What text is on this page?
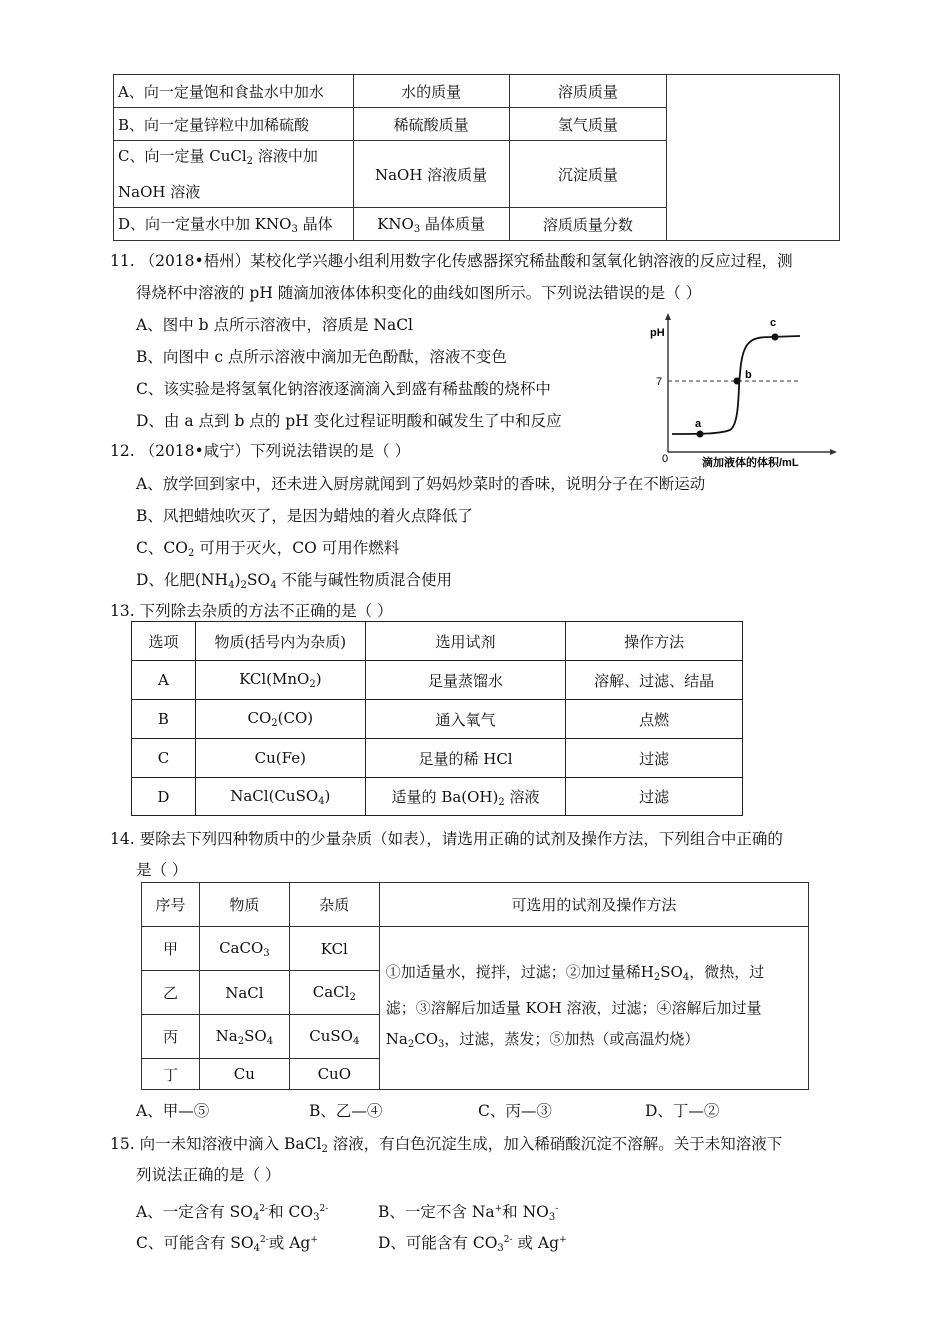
A、向一定量饱和食盐水中加水	水的质量	溶质质量	
B、向一定量锌粒中加稀硫酸	稀硫酸质量	氢气质量	
C、向一定量 CuCl$_2$ 溶液中加
NaOH 溶液	NaOH 溶液质量	沉淀质量	
D、向一定量水中加 $KNO_3$ 晶体	$KNO_3$ 晶体质量	溶质质量分数	
11. （2018•梧州）某校化学兴趣小组利用数字化传感器探究稀盐酸和氢氧化钠溶液的反应过程，测
得烧杯中溶液的 pH 随滴加液体体积变化的曲线如图所示。下列说法错误的是（ ）
A、图中 b 点所示溶液中，溶质是 NaCl
B、向图中 c 点所示溶液中滴加无色酚酞，溶液不变色
C、该实验是将氢氧化钠溶液逐滴滴入到盛有稀盐酸的烧杯中
D、由 a 点到 b 点的 pH 变化过程证明酸和碱发生了中和反应	a
b
c
pH
7
0	滴加液体的体积/mL
12. （2018•咸宁）下列说法错误的是（ ）
A、放学回到家中，还未进入厨房就闻到了妈妈炒菜时的香味，说明分子在不断运动
B、风把蜡烛吹灭了，是因为蜡烛的着火点降低了
C、$CO_2$ 可用于灭火，CO 可用作燃料
D、化肥$(NH_4)_2SO_4$ 不能与碱性物质混合使用
13. 下列除去杂质的方法不正确的是（ ）
选项	物质(括号内为杂质)	选用试剂	操作方法
A	KCl(MnO$_2$)	足量蒸馏水	溶解、过滤、结晶
B	$CO_2(CO)$	通入氧气	点燃
C	Cu(Fe)	足量的稀 HCl	过滤
D	NaCl(CuSO$_4$)	适量的 $Ba(OH)_2$ 溶液	过滤
14. 要除去下列四种物质中的少量杂质（如表），请选用正确的试剂及操作方法，下列组合中正确的
是（ ）
序号	物质	杂质	可选用的试剂及操作方法
甲	CaCO$_3$	KCl	①加适量水，搅拌，过滤；②加过量稀$H_2SO_4$，微热，过
滤；③溶解后加适量 KOH 溶液，过滤；④溶解后加过量
$Na_2CO_3$，过滤，蒸发；⑤加热（或高温灼烧）
乙	NaCl	CaCl$_2$
丙	$Na_2SO_4$	CuSO$_4$
丁	Cu	CuO	
A、甲—⑤	B、乙—④	C、丙—③	D、丁—②
15. 向一未知溶液中滴入 BaCl$_2$ 溶液，有白色沉淀生成，加入稀硝酸沉淀不溶解。关于未知溶液下
列说法正确的是（ ）
A、一定含有 $SO_4^{2-}$和 $CO_3^{2-}$	B、一定不含 Na+和 $NO_3^-$
C、可能含有 $SO_4^{2-}$或 Ag+	D、可能含有 $CO_3^{2-}$ 或 Ag+
